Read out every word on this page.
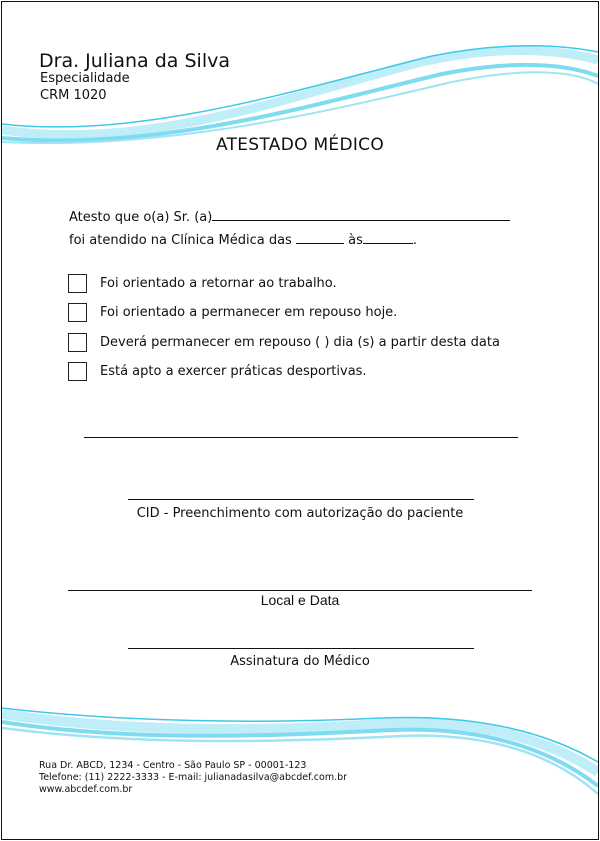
Dra. Juliana da Silva
Especialidade
CRM 1020
ATESTADO MÉDICO
Atesto que o(a) Sr. (a)
foi atendido na Clínica Médica das	às	.
Foi orientado a retornar ao trabalho.
Foi orientado a permanecer em repouso hoje.
Deverá permanecer em repouso ( ) dia (s) a partir desta data
Está apto a exercer práticas desportivas.
CID - Preenchimento com autorização do paciente
Local e Data
Assinatura do Médico
Rua Dr. ABCD, 1234 - Centro - São Paulo SP - 00001-123
Telefone: (11) 2222-3333 - E-mail: julianadasilva@abcdef.com.br
www.abcdef.com.br
